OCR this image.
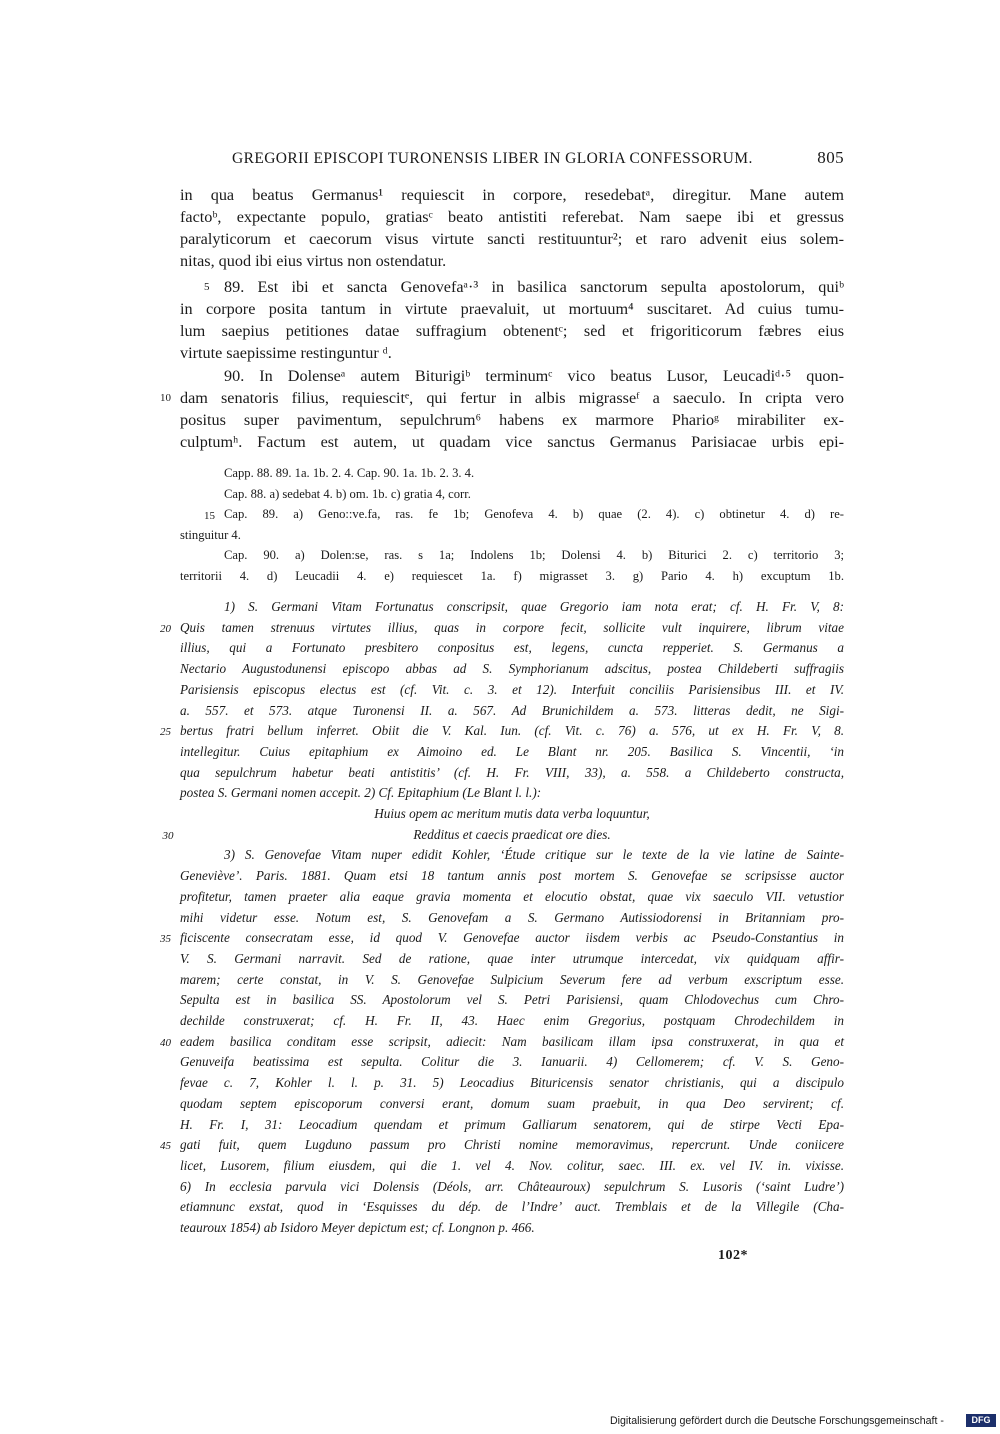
GREGORII EPISCOPI TURONENSIS LIBER IN GLORIA CONFESSORUM.	805
in qua beatus Germanus¹ requiescit in corpore, resedebatᵃ, diregitur. Mane autem
factoᵇ, expectante populo, gratiasᶜ beato antistiti referebat. Nam saepe ibi et gressus
paralyticorum et caecorum visus virtute sancti restituuntur²; et raro advenit eius solem-
nitas, quod ibi eius virtus non ostendatur.
89. Est ibi et sancta Genovefaᵃ·³ in basilica sanctorum sepulta apostolorum, quiᵇ
5
in corpore posita tantum in virtute praevaluit, ut mortuum⁴ suscitaret. Ad cuius tumu-
lum saepius petitiones datae suffragium obtenentᶜ; sed et frigoriticorum fæbres eius
virtute saepissime restinguntur ᵈ.
90. In Dolenseᵃ autem Biturigiᵇ terminumᶜ vico beatus Lusor, Leucadiᵈ·⁵ quon-
dam senatoris filius, requiescitᵉ, qui fertur in albis migrasseᶠ a saeculo. In cripta vero
10
positus super pavimentum, sepulchrum⁶ habens ex marmore Pharioᵍ mirabiliter ex-
culptumʰ. Factum est autem, ut quadam vice sanctus Germanus Parisiacae urbis epi-
Capp. 88. 89. 1a. 1b. 2. 4. Cap. 90. 1a. 1b. 2. 3. 4.
Cap. 88. a) sedebat 4. b) om. 1b. c) gratia 4, corr.
Cap. 89. a) Geno::ve.fa, ras. fe 1b; Genofeva 4. b) quae (2. 4). c) obtinetur 4. d) re-
15
stinguitur 4.
Cap. 90. a) Dolen:se, ras. s 1a; Indolens 1b; Dolensi 4. b) Biturici 2. c) territorio 3;
territorii 4. d) Leucadii 4. e) requiescet 1a. f) migrasset 3. g) Pario 4. h) excuptum 1b.
1) S. Germani Vitam Fortunatus conscripsit, quae Gregorio iam nota erat; cf. H. Fr. V, 8:
Quis tamen strenuus virtutes illius, quas in corpore fecit, sollicite vult inquirere, librum vitae
20
illius, qui a Fortunato presbitero conpositus est, legens, cuncta repperiet. S. Germanus a
Nectario Augustodunensi episcopo abbas ad S. Symphorianum adscitus, postea Childeberti suffragiis
Parisiensis episcopus electus est (cf. Vit. c. 3. et 12). Interfuit conciliis Parisiensibus III. et IV.
a. 557. et 573. atque Turonensi II. a. 567. Ad Brunichildem a. 573. litteras dedit, ne Sigi-
bertus fratri bellum inferret. Obiit die V. Kal. Iun. (cf. Vit. c. 76) a. 576, ut ex H. Fr. V, 8.
25
intellegitur. Cuius epitaphium ex Aimoino ed. Le Blant nr. 205. Basilica S. Vincentii, ‘in
qua sepulchrum habetur beati antistitis’ (cf. H. Fr. VIII, 33), a. 558. a Childeberto constructa,
postea S. Germani nomen accepit. 2) Cf. Epitaphium (Le Blant l. l.):
Huius opem ac meritum mutis data verba loquuntur,
Redditus et caecis praedicat ore dies.
30
3) S. Genovefae Vitam nuper edidit Kohler, ‘Étude critique sur le texte de la vie latine de Sainte-
Geneviève’. Paris. 1881. Quam etsi 18 tantum annis post mortem S. Genovefae se scripsisse auctor
profitetur, tamen praeter alia eaque gravia momenta et elocutio obstat, quae vix saeculo VII. vetustior
mihi videtur esse. Notum est, S. Genovefam a S. Germano Autissiodorensi in Britanniam pro-
ficiscente consecratam esse, id quod V. Genovefae auctor iisdem verbis ac Pseudo-Constantius in
35
V. S. Germani narravit. Sed de ratione, quae inter utrumque intercedat, vix quidquam affir-
marem; certe constat, in V. S. Genovefae Sulpicium Severum fere ad verbum exscriptum esse.
Sepulta est in basilica SS. Apostolorum vel S. Petri Parisiensi, quam Chlodovechus cum Chro-
dechilde construxerat; cf. H. Fr. II, 43. Haec enim Gregorius, postquam Chrodechildem in
eadem basilica conditam esse scripsit, adiecit: Nam basilicam illam ipsa construxerat, in qua et
40
Genuveifa beatissima est sepulta. Colitur die 3. Ianuarii. 4) Cellomerem; cf. V. S. Geno-
fevae c. 7, Kohler l. l. p. 31. 5) Leocadius Bituricensis senator christianis, qui a discipulo
quodam septem episcoporum conversi erant, domum suam praebuit, in qua Deo servirent; cf.
H. Fr. I, 31: Leocadium quendam et primum Galliarum senatorem, qui de stirpe Vecti Epa-
gati fuit, quem Lugduno passum pro Christi nomine memoravimus, repercrunt. Unde coniicere
45
licet, Lusorem, filium eiusdem, qui die 1. vel 4. Nov. colitur, saec. III. ex. vel IV. in. vixisse.
6) In ecclesia parvula vici Dolensis (Déols, arr. Châteauroux) sepulchrum S. Lusoris (‘saint Ludre’)
etiamnunc exstat, quod in ‘Esquisses du dép. de l’Indre’ auct. Tremblais et de la Villegile (Cha-
teauroux 1854) ab Isidoro Meyer depictum est; cf. Longnon p. 466.
102*
Digitalisierung gefördert durch die Deutsche Forschungsgemeinschaft -	DFG
